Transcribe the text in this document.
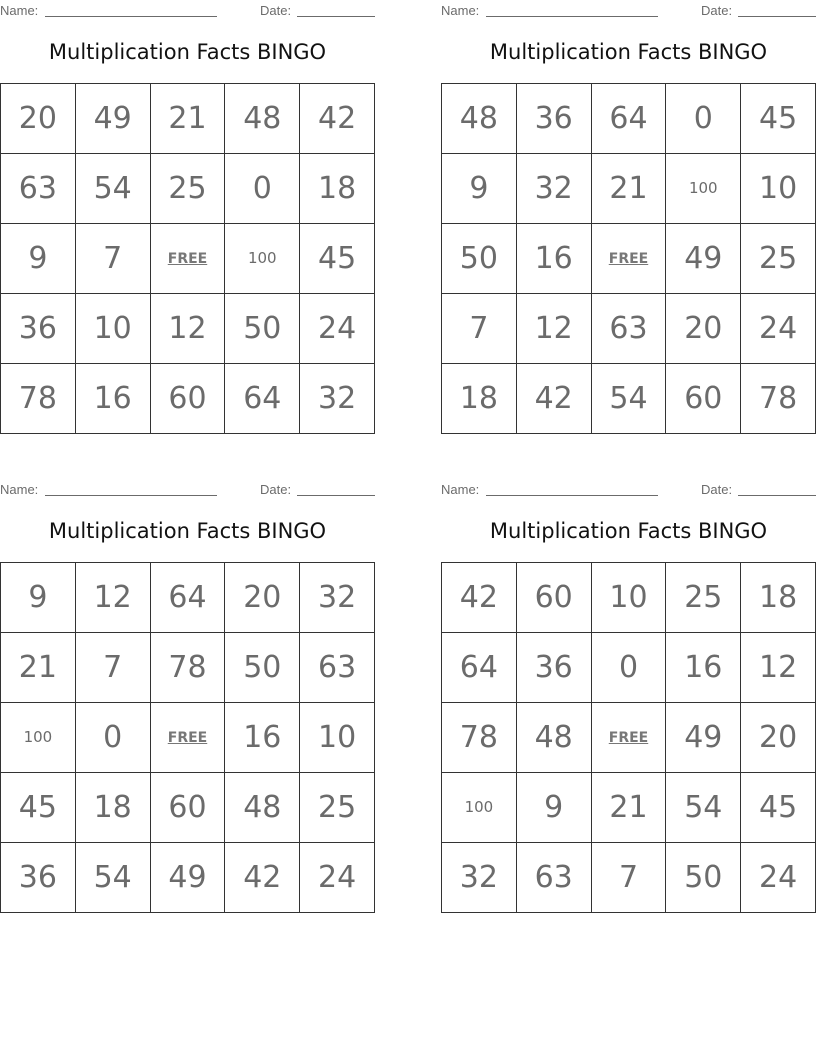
Name:	Date:
Multiplication Facts BINGO
20	49	21	48	42
63	54	25	0	18
9	7	FREE	100	45
36	10	12	50	24
78	16	60	64	32
Name:	Date:
Multiplication Facts BINGO
48	36	64	0	45
9	32	21	100	10
50	16	FREE	49	25
7	12	63	20	24
18	42	54	60	78
Name:	Date:
Multiplication Facts BINGO
9	12	64	20	32
21	7	78	50	63
100	0	FREE	16	10
45	18	60	48	25
36	54	49	42	24
Name:	Date:
Multiplication Facts BINGO
42	60	10	25	18
64	36	0	16	12
78	48	FREE	49	20
100	9	21	54	45
32	63	7	50	24
